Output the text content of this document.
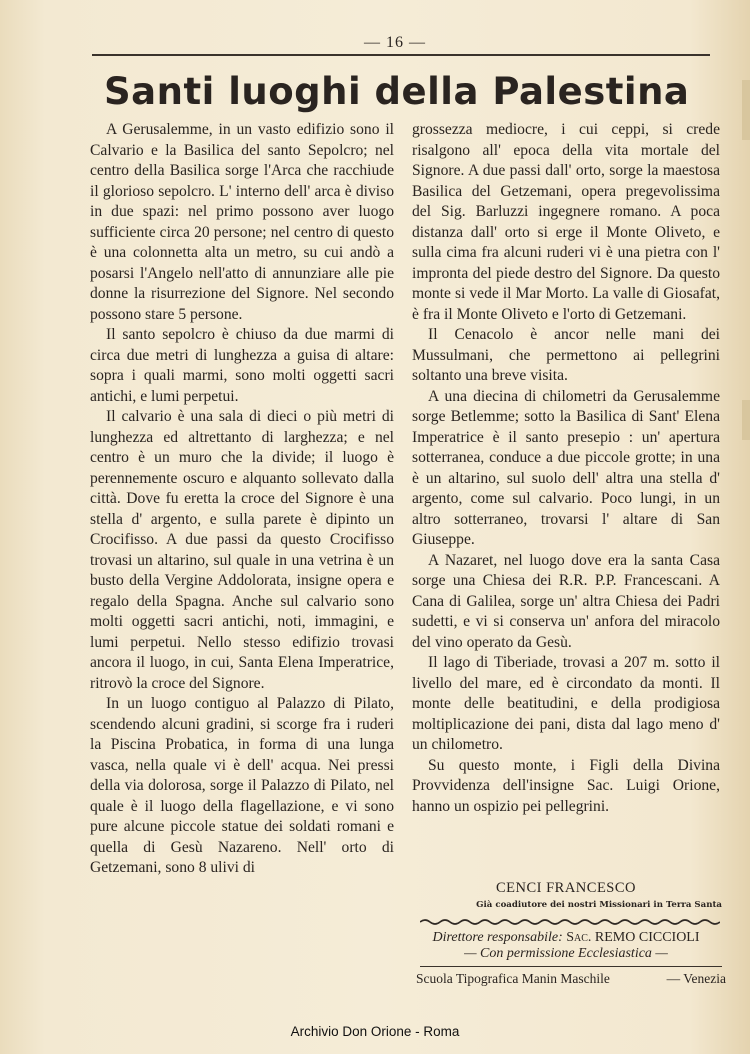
— 16 —
Santi luoghi della Palestina

A Gerusalemme, in un vasto edifizio sono il Calvario e la Basilica del santo Sepolcro; nel centro della Basilica sorge l'Arca che racchiude il glorioso sepolcro. L' interno dell' arca è diviso in due spazi: nel primo possono aver luogo sufficiente circa 20 persone; nel centro di questo è una colonnetta alta un metro, su cui andò a posarsi l'Angelo nell'atto di annunziare alle pie donne la risurrezione del Signore. Nel secondo possono stare 5 persone.

Il santo sepolcro è chiuso da due marmi di circa due metri di lunghezza a guisa di altare: sopra i quali marmi, sono molti oggetti sacri antichi, e lumi perpetui.

Il calvario è una sala di dieci o più metri di lunghezza ed altrettanto di larghezza; e nel centro è un muro che la divide; il luogo è perennemente oscuro e alquanto sollevato dalla città. Dove fu eretta la croce del Signore è una stella d' argento, e sulla parete è dipinto un Crocifisso. A due passi da questo Crocifisso trovasi un altarino, sul quale in una vetrina è un busto della Vergine Addolorata, insigne opera e regalo della Spagna. Anche sul calvario sono molti oggetti sacri antichi, noti, immagini, e lumi perpetui. Nello stesso edifizio trovasi ancora il luogo, in cui, Santa Elena Imperatrice, ritrovò la croce del Signore.

In un luogo contiguo al Palazzo di Pilato, scendendo alcuni gradini, si scorge fra i ruderi la Piscina Probatica, in forma di una lunga vasca, nella quale vi è dell' acqua. Nei pressi della via dolorosa, sorge il Palazzo di Pilato, nel quale è il luogo della flagellazione, e vi sono pure alcune piccole statue dei soldati romani e quella di Gesù Nazareno. Nell' orto di Getzemani, sono 8 ulivi di

grossezza mediocre, i cui ceppi, si crede risalgono all' epoca della vita mortale del Signore. A due passi dall' orto, sorge la maestosa Basilica del Getzemani, opera pregevolissima del Sig. Barluzzi ingegnere romano. A poca distanza dall' orto si erge il Monte Oliveto, e sulla cima fra alcuni ruderi vi è una pietra con l' impronta del piede destro del Signore. Da questo monte si vede il Mar Morto. La valle di Giosafat, è fra il Monte Oliveto e l'orto di Getzemani.

Il Cenacolo è ancor nelle mani dei Mussulmani, che permettono ai pellegrini soltanto una breve visita.

A una diecina di chilometri da Gerusalemme sorge Betlemme; sotto la Basilica di Sant' Elena Imperatrice è il santo presepio : un' apertura sotterranea, conduce a due piccole grotte; in una è un altarino, sul suolo dell' altra una stella d' argento, come sul calvario. Poco lungi, in un altro sotterraneo, trovarsi l' altare di San Giuseppe.

A Nazaret, nel luogo dove era la santa Casa sorge una Chiesa dei R.R. P.P. Francescani. A Cana di Galilea, sorge un' altra Chiesa dei Padri sudetti, e vi si conserva un' anfora del miracolo del vino operato da Gesù.

Il lago di Tiberiade, trovasi a 207 m. sotto il livello del mare, ed è circondato da monti. Il monte delle beatitudini, e della prodigiosa moltiplicazione dei pani, dista dal lago meno d' un chilometro.

Su questo monte, i Figli della Divina Provvidenza dell'insigne Sac. Luigi Orione, hanno un ospizio pei pellegrini.

CENCI FRANCESCO
Già coadiutore dei nostri Missionari in Terra Santa
Direttore responsabile: Sac. REMO CICCIOLI
— Con permissione Ecclesiastica —
Scuola Tipografica Manin Maschile	— Venezia
Archivio Don Orione - Roma
